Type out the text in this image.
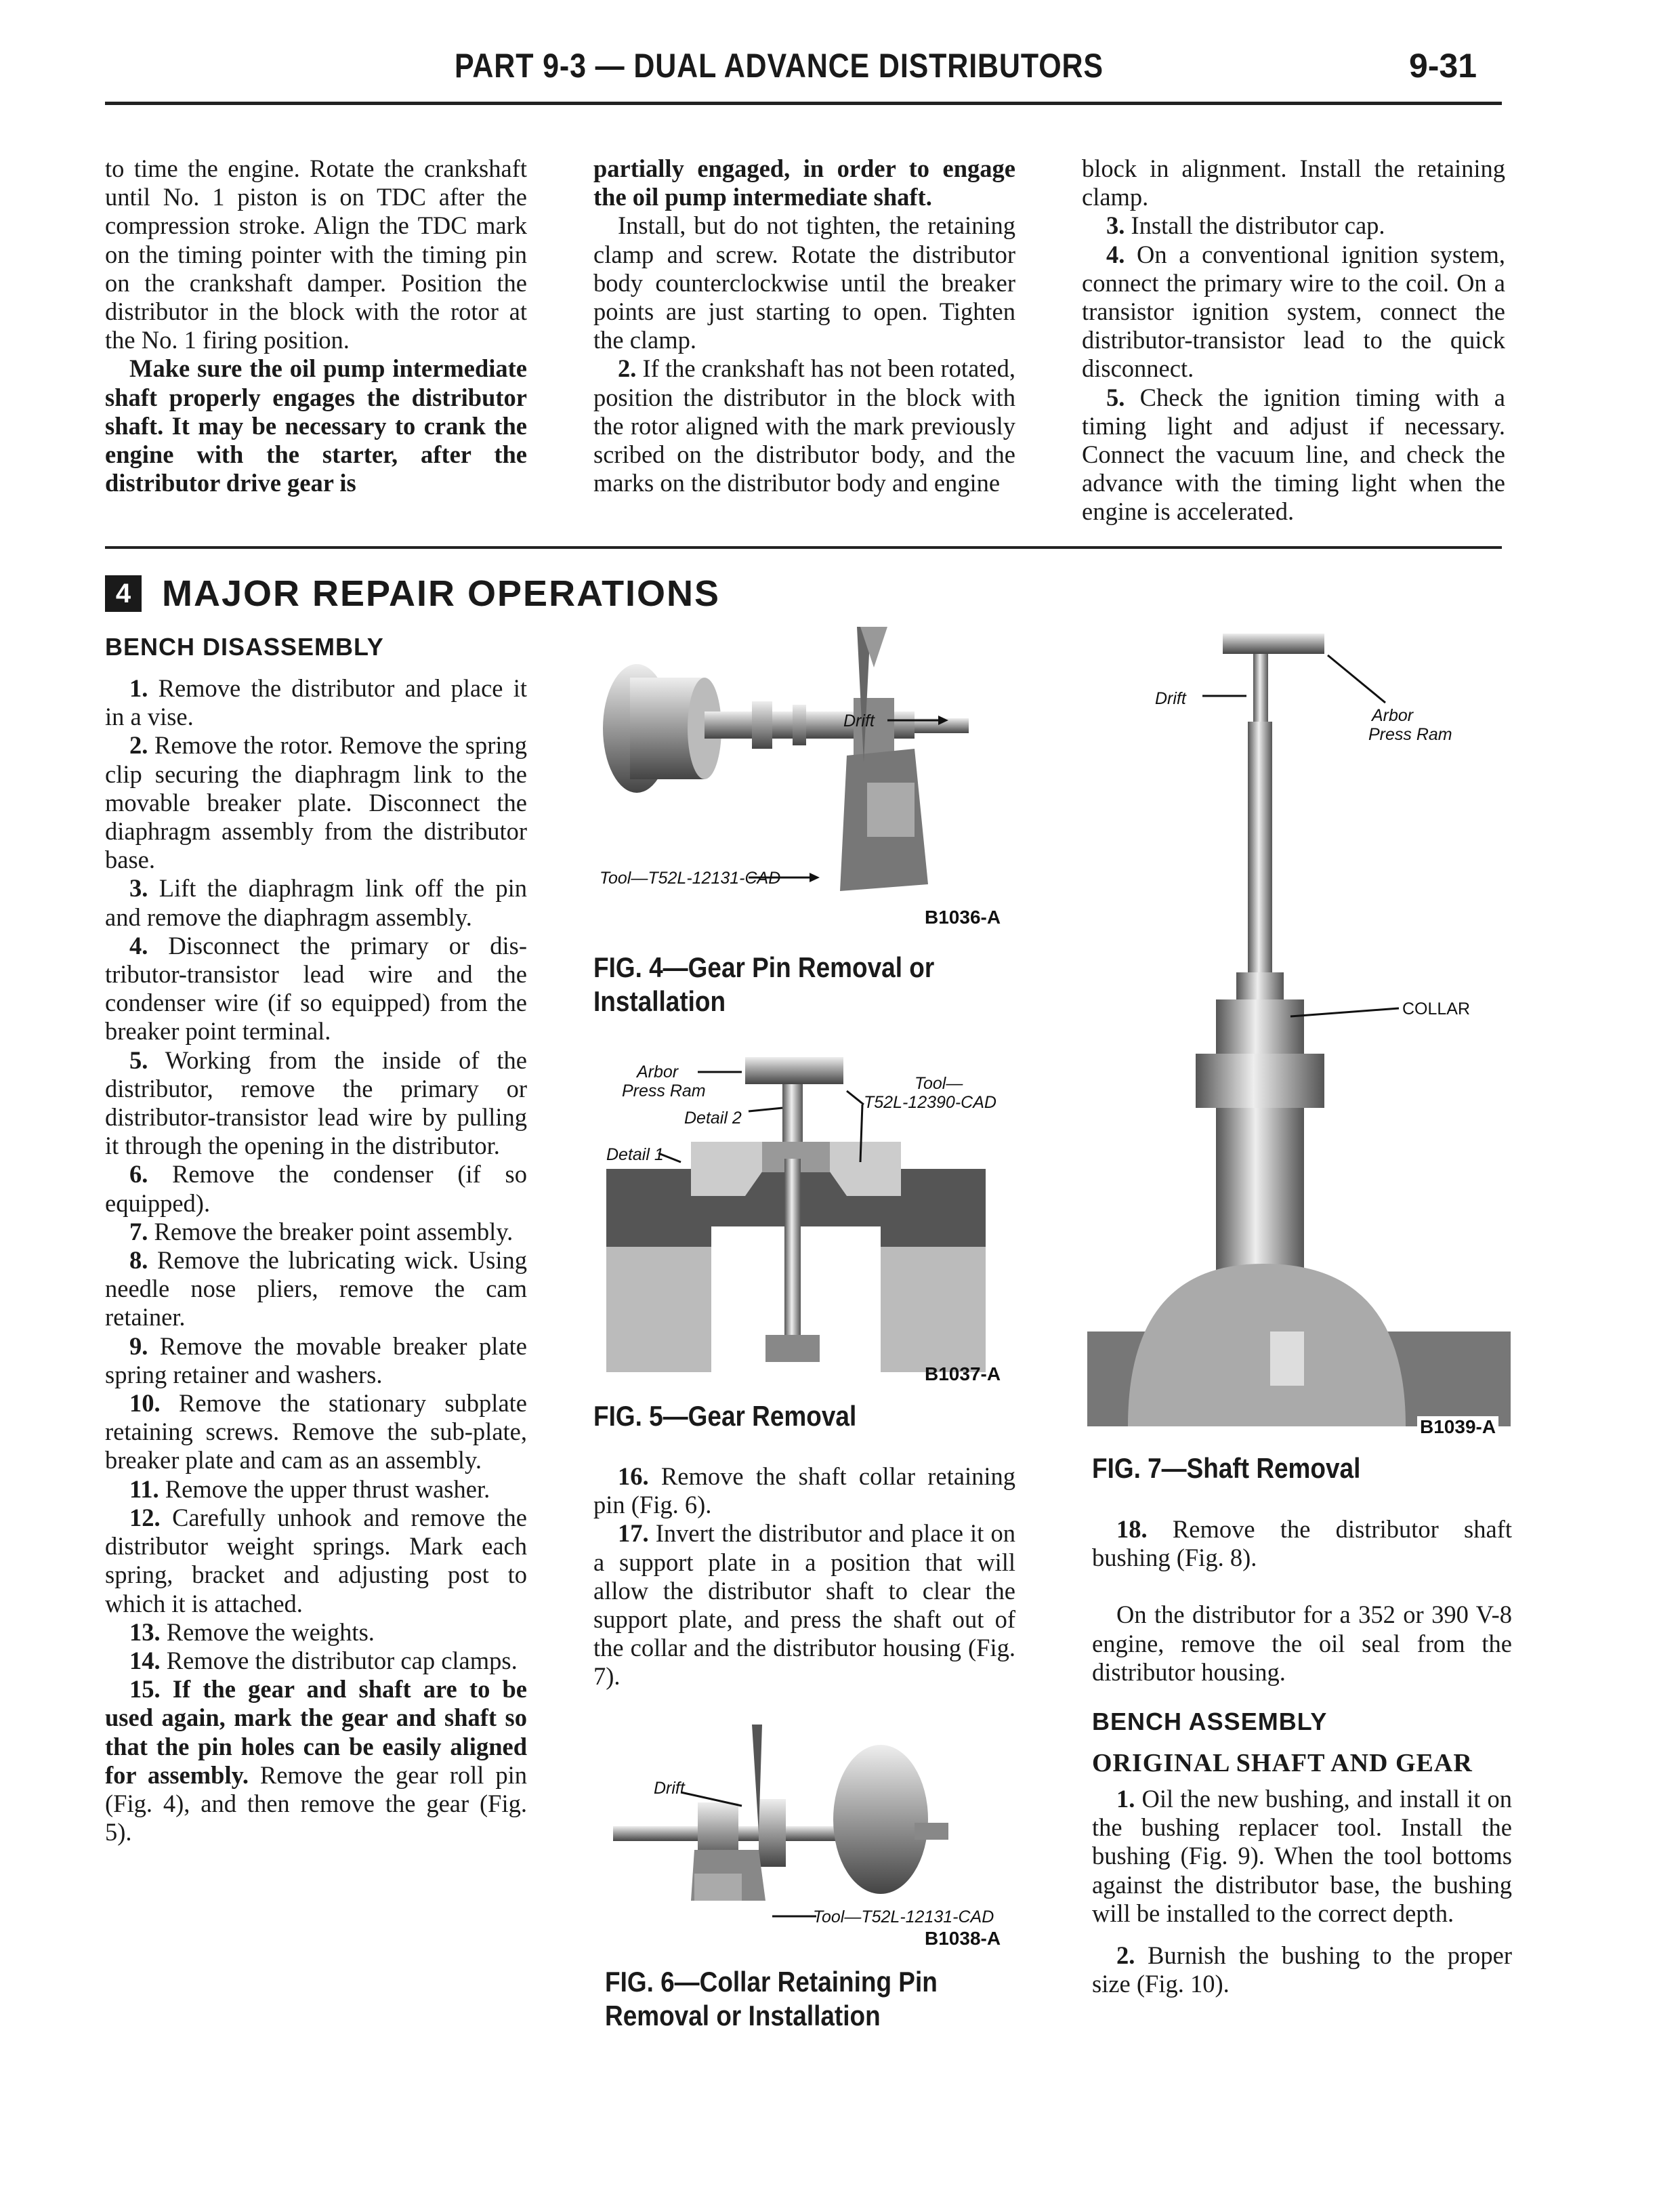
PART 9-3 — DUAL ADVANCE DISTRIBUTORS	9-31

to time the engine. Rotate the crankshaft until No. 1 piston is on TDC after the compression stroke. Align the TDC mark on the timing pointer with the timing pin on the crankshaft damper. Position the distributor in the block with the rotor at the No. 1 firing position.

Make sure the oil pump intermediate shaft properly engages the distributor shaft. It may be necessary to crank the engine with the starter, after the distributor drive gear is

partially engaged, in order to engage the oil pump intermediate shaft.

Install, but do not tighten, the retaining clamp and screw. Rotate the distributor body counterclockwise until the breaker points are just starting to open. Tighten the clamp.

2. If the crankshaft has not been rotated, position the distributor in the block with the rotor aligned with the mark previously scribed on the distributor body, and the marks on the distributor body and engine

block in alignment. Install the retaining clamp.

3. Install the distributor cap.

4. On a conventional ignition system, connect the primary wire to the coil. On a transistor ignition system, connect the distributor-transistor lead to the quick disconnect.

5. Check the ignition timing with a timing light and adjust if necessary. Connect the vacuum line, and check the advance with the timing light when the engine is accelerated.

4 MAJOR REPAIR OPERATIONS
BENCH DISASSEMBLY

1. Remove the distributor and place it in a vise.

2. Remove the rotor. Remove the spring clip securing the diaphragm link to the movable breaker plate. Disconnect the diaphragm assembly from the distributor base.

3. Lift the diaphragm link off the pin and remove the diaphragm assembly.

4. Disconnect the primary or distributor-transistor lead wire and the condenser wire (if so equipped) from the breaker point terminal.

5. Working from the inside of the distributor, remove the primary or distributor-transistor lead wire by pulling it through the opening in the distributor.

6. Remove the condenser (if so equipped).

7. Remove the breaker point assembly.

8. Remove the lubricating wick. Using needle nose pliers, remove the cam retainer.

9. Remove the movable breaker plate spring retainer and washers.

10. Remove the stationary subplate retaining screws. Remove the sub-plate, breaker plate and cam as an assembly.

11. Remove the upper thrust washer.

12. Carefully unhook and remove the distributor weight springs. Mark each spring, bracket and adjusting post to which it is attached.

13. Remove the weights.

14. Remove the distributor cap clamps.

15. If the gear and shaft are to be used again, mark the gear and shaft so that the pin holes can be easily aligned for assembly. Remove the gear roll pin (Fig. 4), and then remove the gear (Fig. 5).

Drift
Tool—T52L-12131-CAD
B1036-A
FIG. 4—Gear Pin Removal or
Installation
Arbor
Press Ram	Tool—
T52L-12390-CAD
Detail 2
Detail 1
B1037-A
FIG. 5—Gear Removal

16. Remove the shaft collar retaining pin (Fig. 6).

17. Invert the distributor and place it on a support plate in a position that will allow the distributor shaft to clear the support plate, and press the shaft out of the collar and the distributor housing (Fig. 7).

Drift
Tool—T52L-12131-CAD
B1038-A
FIG. 6—Collar Retaining Pin
Removal or Installation
Drift
Arbor
Press Ram
COLLAR
B1039-A
FIG. 7—Shaft Removal

18. Remove the distributor shaft bushing (Fig. 8).

On the distributor for a 352 or 390 V-8 engine, remove the oil seal from the distributor housing.

BENCH ASSEMBLY
ORIGINAL SHAFT AND GEAR

1. Oil the new bushing, and install it on the bushing replacer tool. Install the bushing (Fig. 9). When the tool bottoms against the distributor base, the bushing will be installed to the correct depth.

2. Burnish the bushing to the proper size (Fig. 10).
